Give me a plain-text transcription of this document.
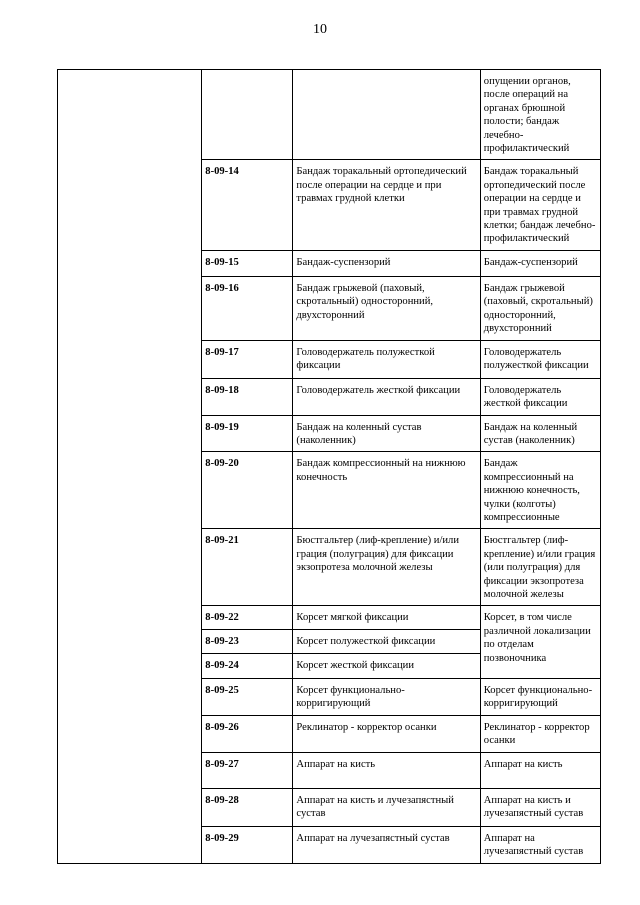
10
			опущении органов, после операций на органах брюшной полости; бандаж лечебно-профилактический
	8-09-14	Бандаж торакальный ортопедический после операции на сердце и при травмах грудной клетки	Бандаж торакальный ортопедический после операции на сердце и при травмах грудной клетки; бандаж лечебно-профилактический
	8-09-15	Бандаж-суспензорий	Бандаж-суспензорий
	8-09-16	Бандаж грыжевой (паховый, скротальный) односторонний, двухсторонний	Бандаж грыжевой (паховый, скротальный) односторонний, двухсторонний
	8-09-17	Головодержатель полужесткой фиксации	Головодержатель полужесткой фиксации
	8-09-18	Головодержатель жесткой фиксации	Головодержатель жесткой фиксации
	8-09-19	Бандаж на коленный сустав (наколенник)	Бандаж на коленный сустав (наколенник)
	8-09-20	Бандаж компрессионный на нижнюю конечность	Бандаж компрессионный на нижнюю конечность, чулки (колготы) компрессионные
	8-09-21	Бюстгальтер (лиф-крепление) и/или грация (полуграция) для фиксации экзопротеза молочной железы	Бюстгальтер (лиф-крепление) и/или грация (или полуграция) для фиксации экзопротеза молочной железы
	8-09-22	Корсет мягкой фиксации	Корсет, в том числе различной локализации по отделам позвоночника
	8-09-23	Корсет полужесткой фиксации	
	8-09-24	Корсет жесткой фиксации	
	8-09-25	Корсет функционально-корригирующий	Корсет функционально-корригирующий
	8-09-26	Реклинатор - корректор осанки	Реклинатор - корректор осанки
	8-09-27	Аппарат на кисть	Аппарат на кисть
	8-09-28	Аппарат на кисть и лучезапястный сустав	Аппарат на кисть и лучезапястный сустав
	8-09-29	Аппарат на лучезапястный сустав	Аппарат на лучезапястный сустав
